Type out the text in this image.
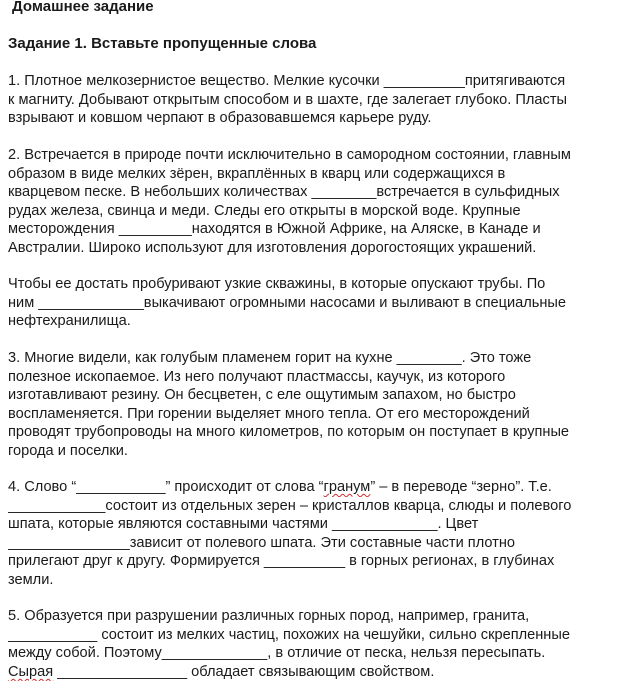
Домашнее задание

Задание 1. Вставьте пропущенные слова

1. Плотное мелкозернистое вещество. Мелкие кусочки __________притягиваются
к магниту. Добывают открытым способом и в шахте, где залегает глубоко. Пласты
взрывают и ковшом черпают в образовавшемся карьере руду.

2. Встречается в природе почти исключительно в самородном состоянии, главным
образом в виде мелких зёрен, вкраплённых в кварц или содержащихся в
кварцевом песке. В небольших количествах ________встречается в сульфидных
рудах железа, свинца и меди. Следы его открыты в морской воде. Крупные
месторождения _________находятся в Южной Африке, на Аляске, в Канаде и
Австралии. Широко используют для изготовления дорогостоящих украшений.

Чтобы ее достать пробуривают узкие скважины, в которые опускают трубы. По
ним _____________выкачивают огромными насосами и выливают в специальные
нефтехранилища.

3. Многие видели, как голубым пламенем горит на кухне ________. Это тоже
полезное ископаемое. Из него получают пластмассы, каучук, из которого
изготавливают резину. Он бесцветен, с еле ощутимым запахом, но быстро
воспламеняется. При горении выделяет много тепла. От его месторождений
проводят трубопроводы на много километров, по которым он поступает в крупные
города и поселки.

4. Слово “___________” происходит от слова “гранум” – в переводе “зерно”. Т.е.
____________состоит из отдельных зерен – кристаллов кварца, слюды и полевого
шпата, которые являются составными частями _____________. Цвет
_______________зависит от полевого шпата. Эти составные части плотно
прилегают друг к другу. Формируется __________ в горных регионах, в глубинах
земли.

5. Образуется при разрушении различных горных пород, например, гранита,
___________ состоит из мелких частиц, похожих на чешуйки, сильно скрепленные
между собой. Поэтому_____________, в отличие от песка, нельзя пересыпать.
Сырая ________________ обладает связывающим свойством.
